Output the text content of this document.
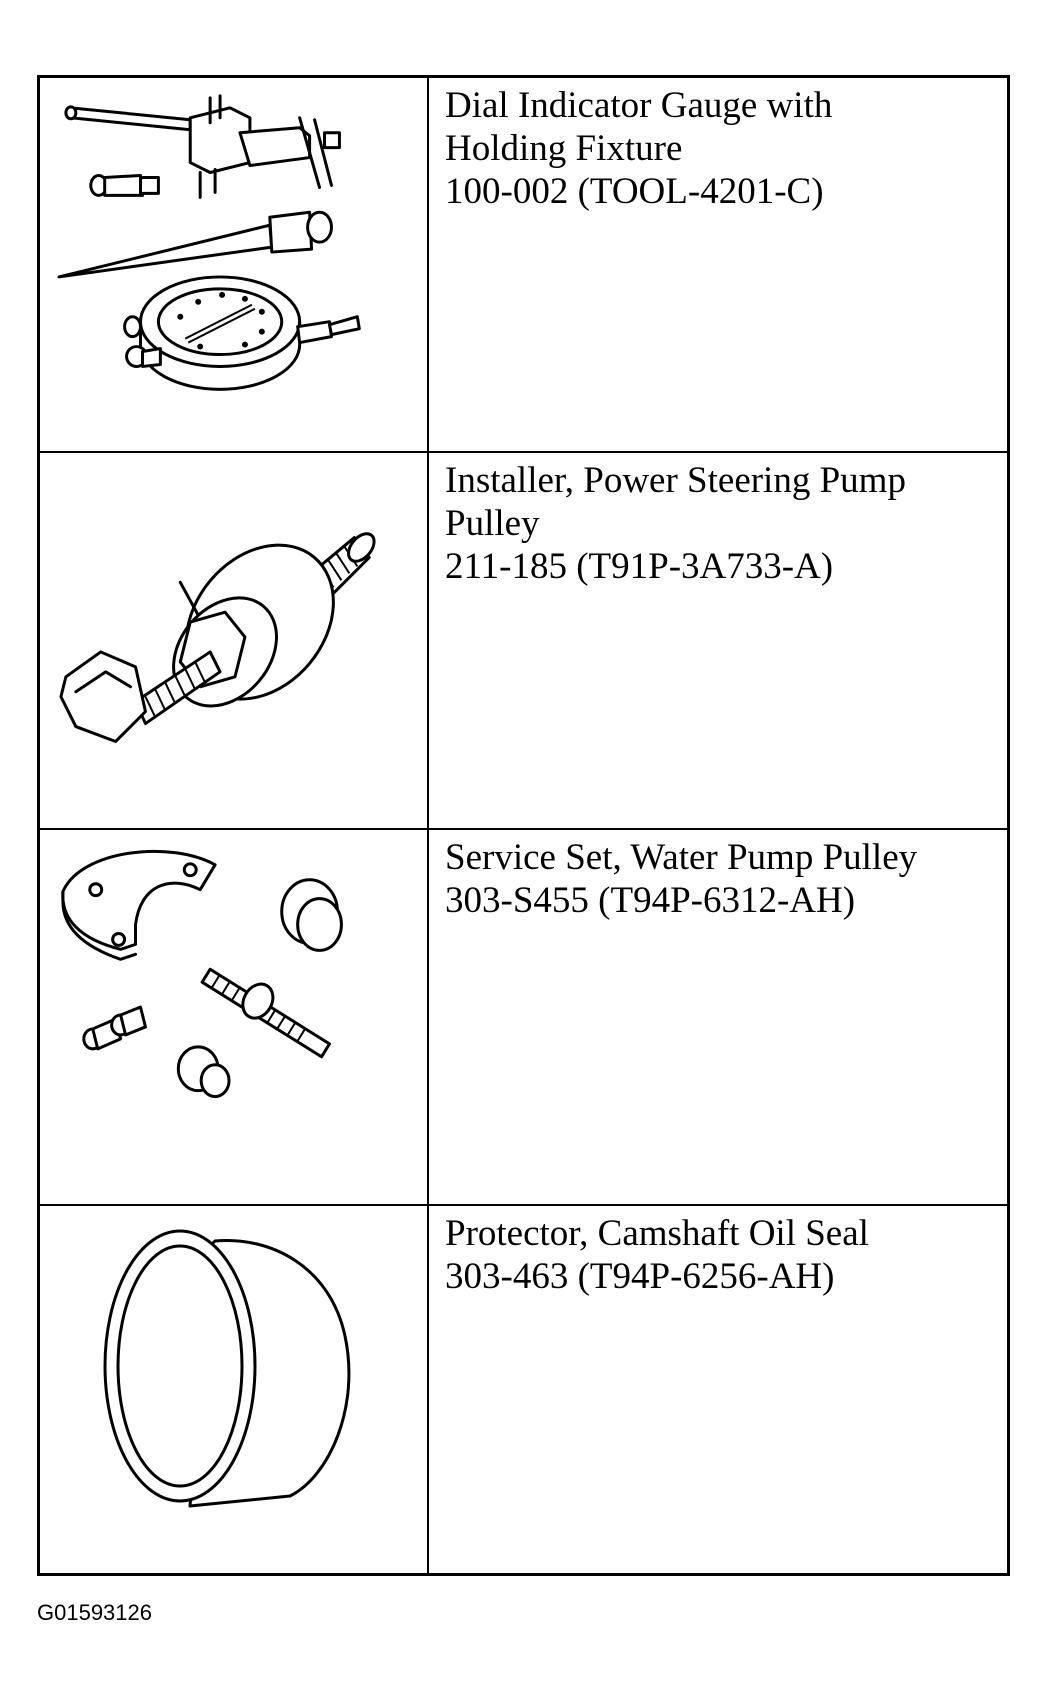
Dial Indicator Gauge with
Holding Fixture
100-002 (TOOL-4201-C)
Installer, Power Steering Pump
Pulley
211-185 (T91P-3A733-A)
Service Set, Water Pump Pulley
303-S455 (T94P-6312-AH)
Protector, Camshaft Oil Seal
303-463 (T94P-6256-AH)
G01593126
